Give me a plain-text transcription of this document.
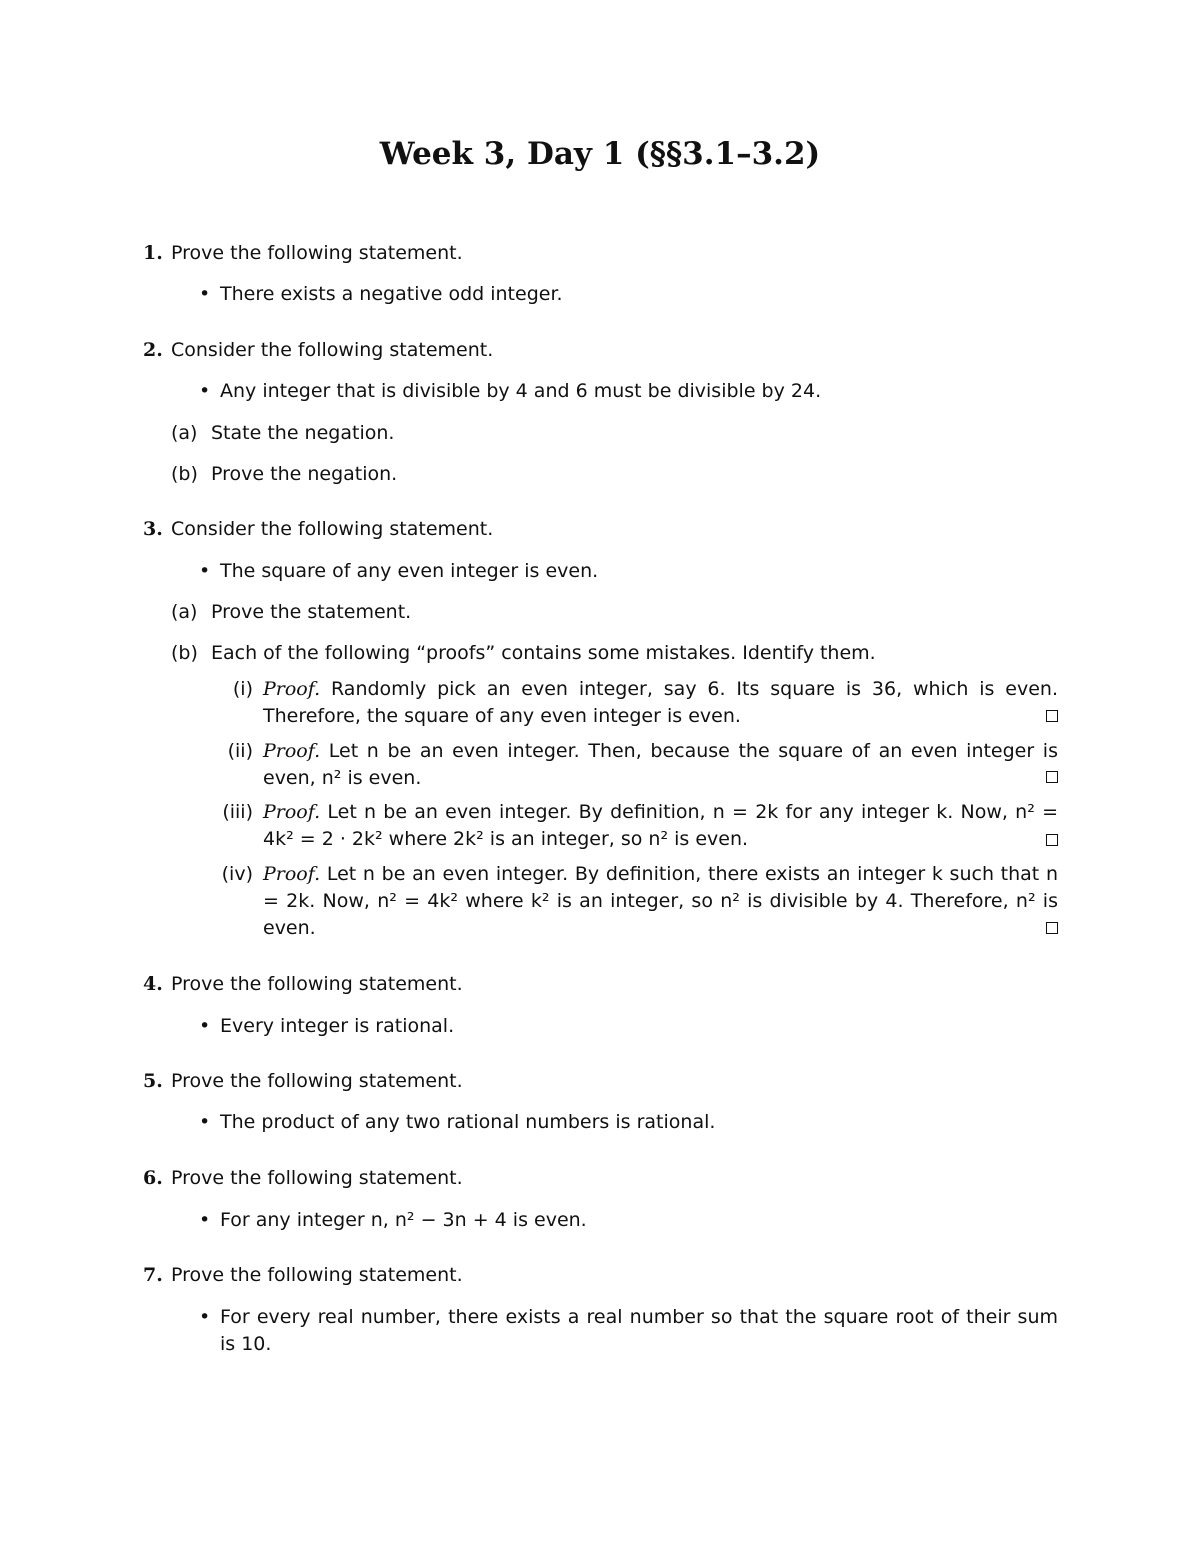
Week 3, Day 1 (§§3.1–3.2)
1. Prove the following statement.
• There exists a negative odd integer.
2. Consider the following statement.
• Any integer that is divisible by 4 and 6 must be divisible by 24.
(a) State the negation.
(b) Prove the negation.
3. Consider the following statement.
• The square of any even integer is even.
(a) Prove the statement.
(b) Each of the following “proofs” contains some mistakes. Identify them.
(i) Proof. Randomly pick an even integer, say 6. Its square is 36, which is even. Therefore, the square of any even integer is even.
(ii) Proof. Let n be an even integer. Then, because the square of an even integer is even, n² is even.
(iii) Proof. Let n be an even integer. By definition, n = 2k for any integer k. Now, n² = 4k² = 2 · 2k² where 2k² is an integer, so n² is even.
(iv) Proof. Let n be an even integer. By definition, there exists an integer k such that n = 2k. Now, n² = 4k² where k² is an integer, so n² is divisible by 4. Therefore, n² is even.
4. Prove the following statement.
• Every integer is rational.
5. Prove the following statement.
• The product of any two rational numbers is rational.
6. Prove the following statement.
• For any integer n, n² − 3n + 4 is even.
7. Prove the following statement.
• For every real number, there exists a real number so that the square root of their sum is 10.
